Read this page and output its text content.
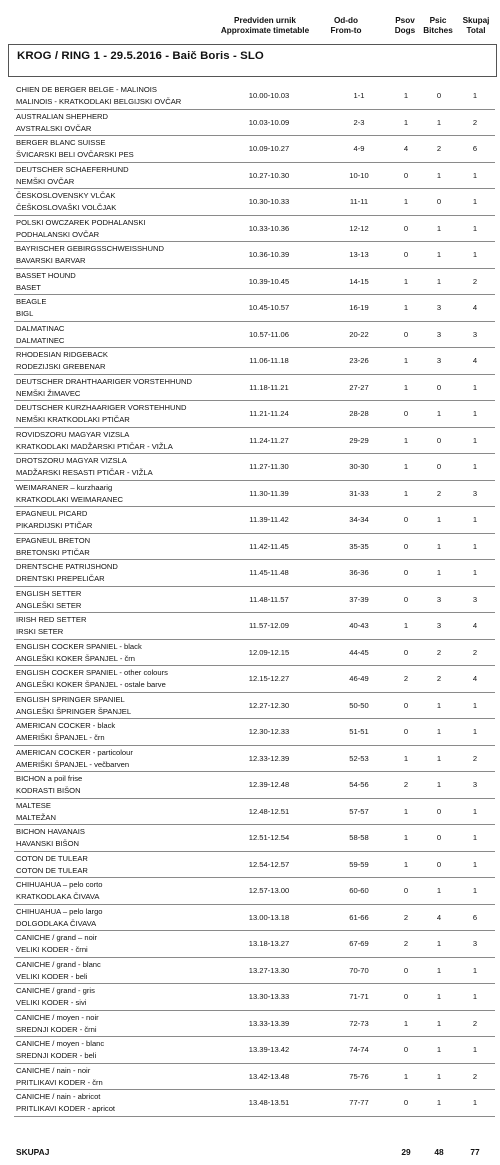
Predviden urnik
Approximate timetable
Od-do
From-to
Psov
Dogs
Psic
Bitches
Skupaj
Total
KROG / RING 1 - 29.5.2016 - Baič Boris - SLO
CHIEN DE BERGER BELGE - MALINOIS
MALINOIS - KRATKODLAKI BELGIJSKI OVČAR
10.00-10.03	1-1	1	0	1
AUSTRALIAN SHEPHERD
AVSTRALSKI OVČAR
10.03-10.09	2-3	1	1	2
BERGER BLANC SUISSE
ŠVICARSKI BELI OVČARSKI PES
10.09-10.27	4-9	4	2	6
DEUTSCHER SCHAEFERHUND
NEMŠKI OVČAR
10.27-10.30	10-10	0	1	1
ČESKOSLOVENSKY VLČAK
ČEŠKOSLOVAŠKI VOLČJAK
10.30-10.33	11-11	1	0	1
POLSKI OWCZAREK PODHALANSKI
PODHALANSKI OVČAR
10.33-10.36	12-12	0	1	1
BAYRISCHER GEBIRGSSCHWEISSHUND
BAVARSKI BARVAR
10.36-10.39	13-13	0	1	1
BASSET HOUND
BASET
10.39-10.45	14-15	1	1	2
BEAGLE
BIGL
10.45-10.57	16-19	1	3	4
DALMATINAC
DALMATINEC
10.57-11.06	20-22	0	3	3
RHODESIAN RIDGEBACK
RODEZIJSKI GREBENAR
11.06-11.18	23-26	1	3	4
DEUTSCHER DRAHTHAARIGER VORSTEHHUND
NEMŠKI ŽIMAVEC
11.18-11.21	27-27	1	0	1
DEUTSCHER KURZHAARIGER VORSTEHHUND
NEMŠKI KRATKODLAKI PTIČAR
11.21-11.24	28-28	0	1	1
ROVIDSZORU MAGYAR VIZSLA
KRATKODLAKI MADŽARSKI PTIČAR - VIŽLA
11.24-11.27	29-29	1	0	1
DROTSZORU MAGYAR VIZSLA
MADŽARSKI RESASTI PTIČAR - VIŽLA
11.27-11.30	30-30	1	0	1
WEIMARANER – kurzhaarig
KRATKODLAKI WEIMARANEC
11.30-11.39	31-33	1	2	3
EPAGNEUL PICARD
PIKARDIJSKI PTIČAR
11.39-11.42	34-34	0	1	1
EPAGNEUL BRETON
BRETONSKI PTIČAR
11.42-11.45	35-35	0	1	1
DRENTSCHE PATRIJSHOND
DRENTSKI PREPELIČAR
11.45-11.48	36-36	0	1	1
ENGLISH SETTER
ANGLEŠKI SETER
11.48-11.57	37-39	0	3	3
IRISH RED SETTER
IRSKI SETER
11.57-12.09	40-43	1	3	4
ENGLISH COCKER SPANIEL - black
ANGLEŠKI KOKER ŠPANJEL - črn
12.09-12.15	44-45	0	2	2
ENGLISH COCKER SPANIEL - other colours
ANGLEŠKI KOKER ŠPANJEL - ostale barve
12.15-12.27	46-49	2	2	4
ENGLISH SPRINGER SPANIEL
ANGLEŠKI ŠPRINGER ŠPANJEL
12.27-12.30	50-50	0	1	1
AMERICAN COCKER - black
AMERIŠKI ŠPANJEL - črn
12.30-12.33	51-51	0	1	1
AMERICAN COCKER - particolour
AMERIŠKI ŠPANJEL - večbarven
12.33-12.39	52-53	1	1	2
BICHON a poil frise
KODRASTI BIŠON
12.39-12.48	54-56	2	1	3
MALTESE
MALTEŽAN
12.48-12.51	57-57	1	0	1
BICHON HAVANAIS
HAVANSKI BIŠON
12.51-12.54	58-58	1	0	1
COTON DE TULEAR
COTON DE TULEAR
12.54-12.57	59-59	1	0	1
CHIHUAHUA – pelo corto
KRATKODLAKA ČIVAVA
12.57-13.00	60-60	0	1	1
CHIHUAHUA – pelo largo
DOLGODLAKA ČIVAVA
13.00-13.18	61-66	2	4	6
CANICHE / grand – noir
VELIKI KODER - črni
13.18-13.27	67-69	2	1	3
CANICHE / grand - blanc
VELIKI KODER - beli
13.27-13.30	70-70	0	1	1
CANICHE / grand - gris
VELIKI KODER - sivi
13.30-13.33	71-71	0	1	1
CANICHE / moyen - noir
SREDNJI KODER - črni
13.33-13.39	72-73	1	1	2
CANICHE / moyen - blanc
SREDNJI KODER - beli
13.39-13.42	74-74	0	1	1
CANICHE / nain - noir
PRITLIKAVI KODER - črn
13.42-13.48	75-76	1	1	2
CANICHE / nain - abricot
PRITLIKAVI KODER - apricot
13.48-13.51	77-77	0	1	1
SKUPAJ	29	48	77
